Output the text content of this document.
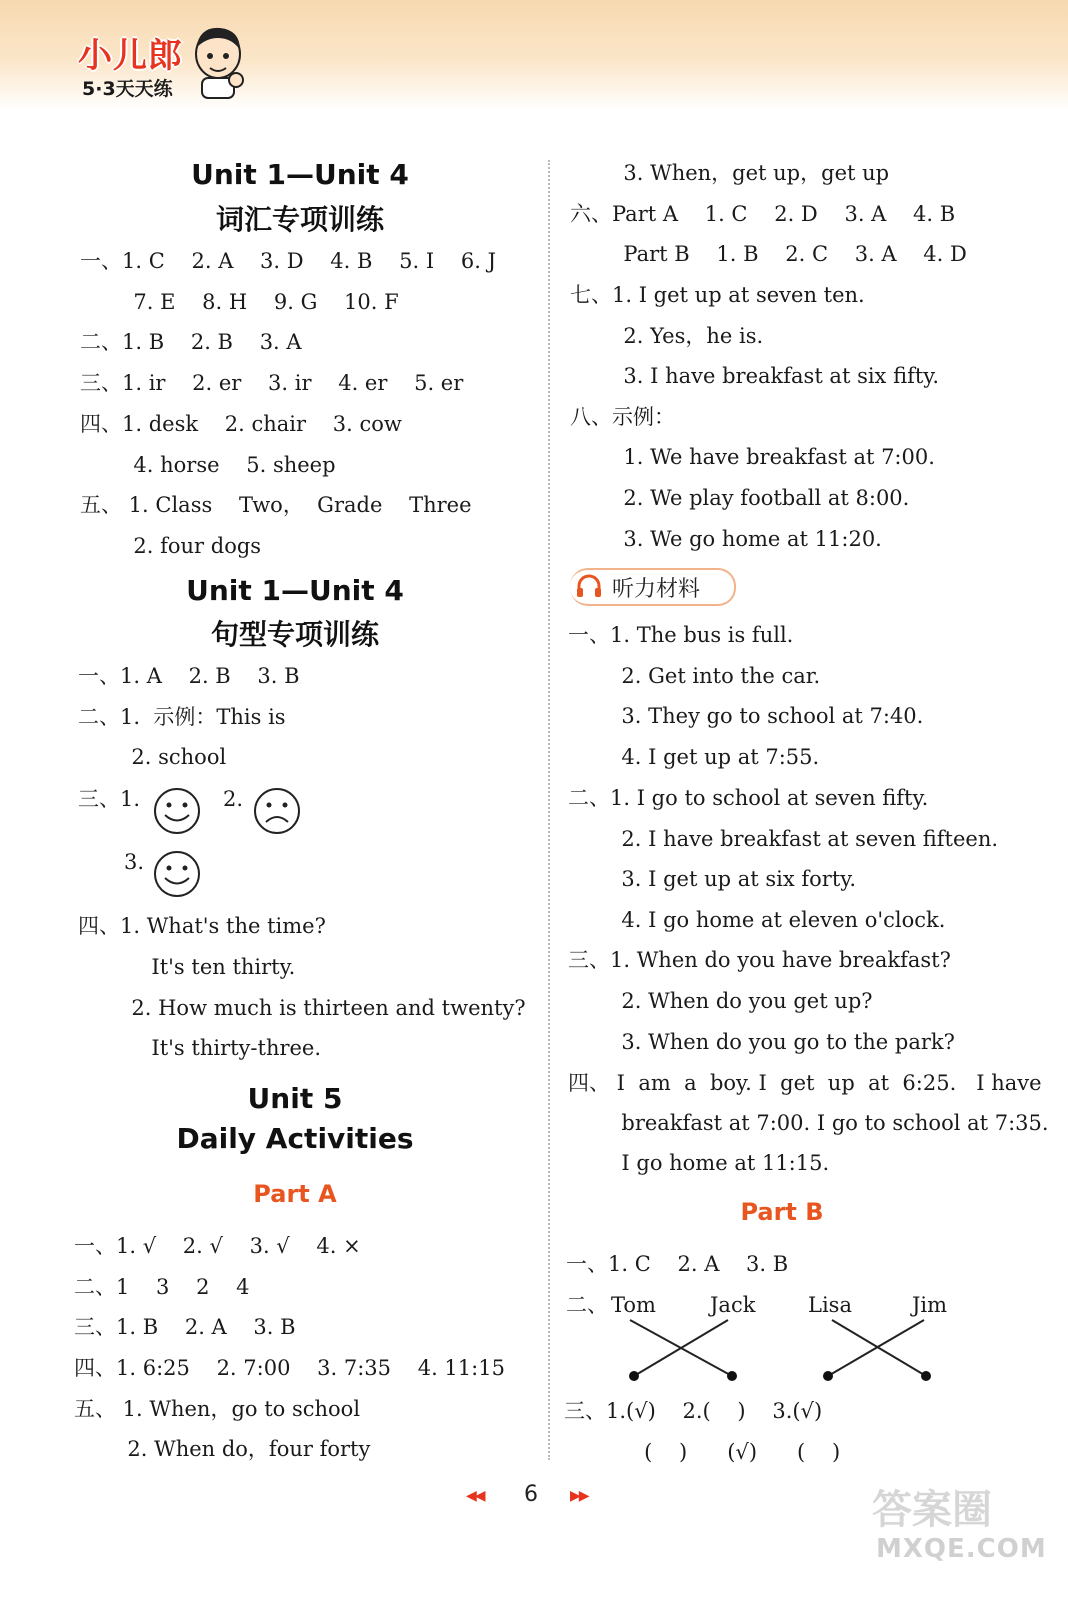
小儿郎
5·3天天练
Unit 1—Unit 4
词汇专项训练
一、1. C    2. A    3. D    4. B    5. I    6. J
7. E    8. H    9. G    10. F
二、1. B    2. B    3. A
三、1. ir    2. er    3. ir    4. er    5. er
四、1. desk    2. chair    3. cow
4. horse    5. sheep
五、 1. Class    Two，  Grade    Three
2. four dogs
Unit 1—Unit 4
句型专项训练
一、1. A    2. B    3. B
二、1.  示例：This is
2. school
三、1.	2.
3.
四、1. What's the time?
It's ten thirty.
2. How much is thirteen and twenty?
It's thirty-three.
Unit 5
Daily Activities
Part A
一、1. √    2. √    3. √    4. ×
二、1    3    2    4
三、1. B    2. A    3. B
四、1. 6:25    2. 7:00    3. 7:35    4. 11:15
五、 1. When，go to school
2. When do，four forty
3. When，get up，get up
六、Part A    1. C    2. D    3. A    4. B
Part B    1. B    2. C    3. A    4. D
七、1. I get up at seven ten.
2. Yes，he is.
3. I have breakfast at six fifty.
八、示例：
1. We have breakfast at 7:00.
2. We play football at 8:00.
3. We go home at 11:20.
听力材料
一、1. The bus is full.
2. Get into the car.
3. They go to school at 7:40.
4. I get up at 7:55.
二、1. I go to school at seven fifty.
2. I have breakfast at seven fifteen.
3. I get up at six forty.
4. I go home at eleven o'clock.
三、1. When do you have breakfast?
2. When do you get up?
3. When do you go to the park?
四、 I  am  a  boy. I  get  up  at  6:25.   I have
breakfast at 7:00. I go to school at 7:35.
I go home at 11:15.
Part B
一、1. C    2. A    3. B
二、 Tom	Jack	Lisa	Jim
三、1.(√)    2.(    )    3.(√)
(    )      (√)      (    )
◀◀ 6 ▶▶	答案圈
MXQE.COM
